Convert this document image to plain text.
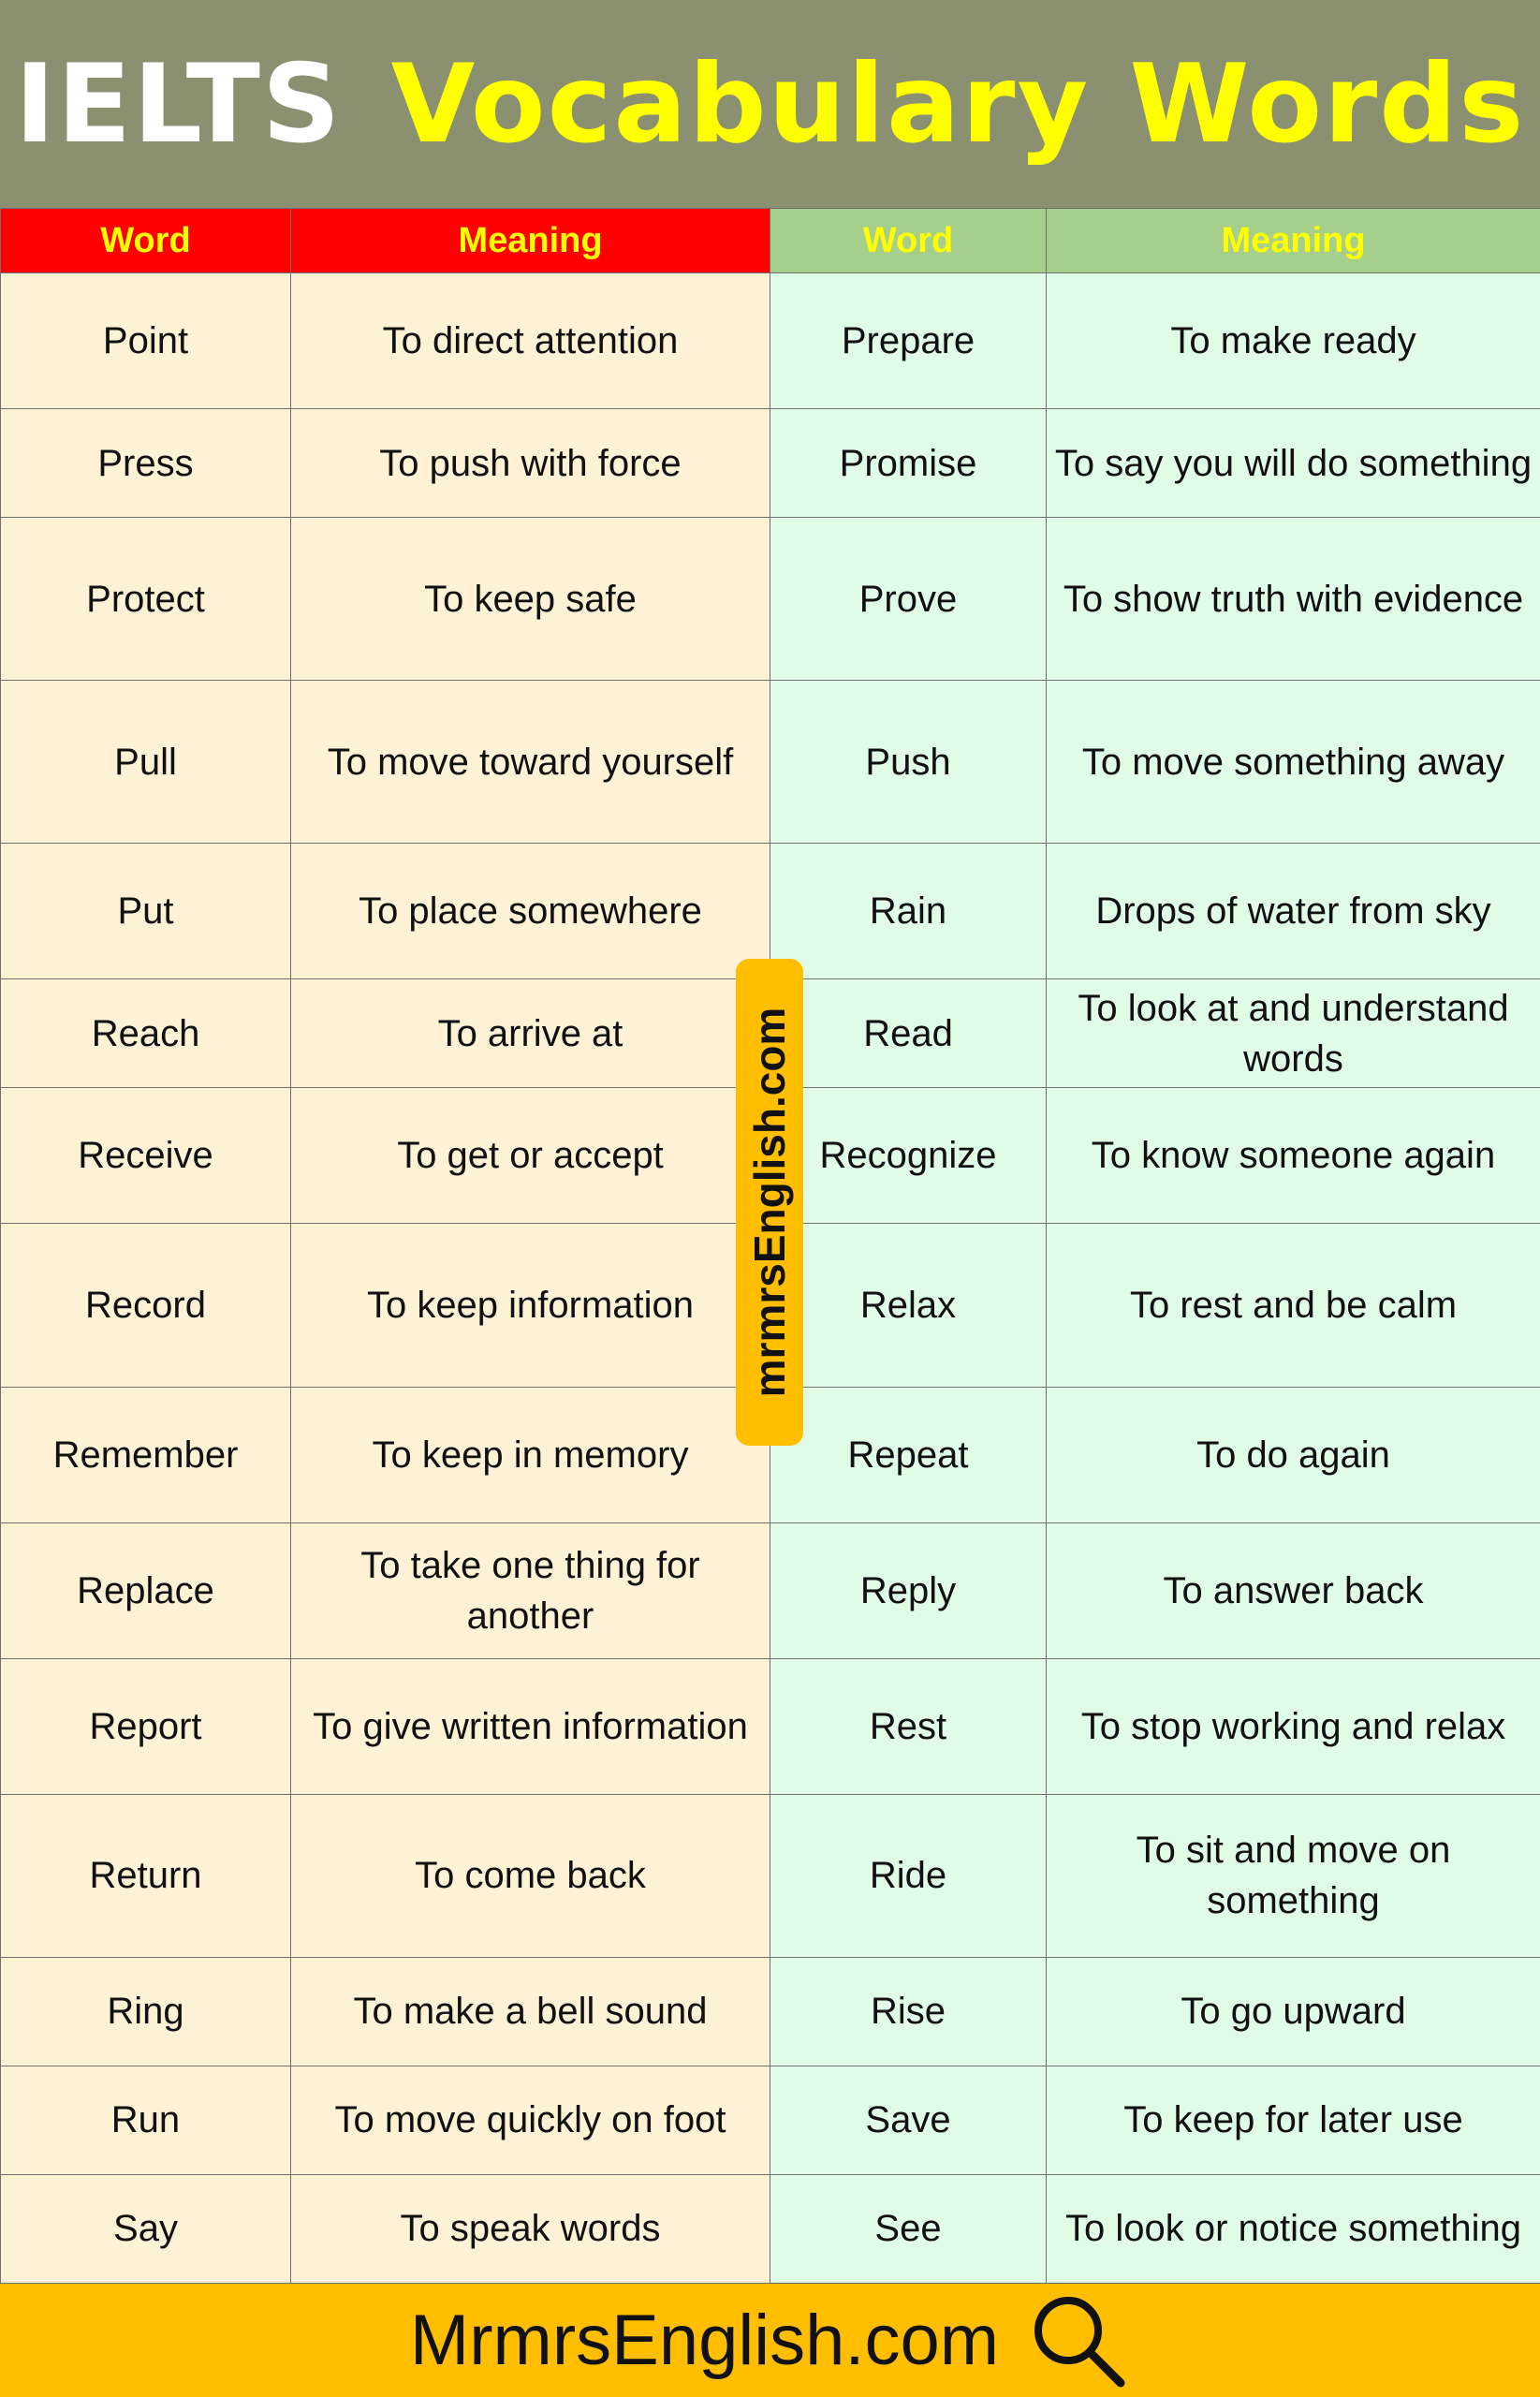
IELTS Vocabulary Words
Word	Meaning	Word	Meaning
Point	To direct attention	Prepare	To make ready
Press	To push with force	Promise	To say you will do something
Protect	To keep safe	Prove	To show truth with evidence
Pull	To move toward yourself	Push	To move something away
Put	To place somewhere	Rain	Drops of water from sky
Reach	To arrive at	Read	To look at and understand words
Receive	To get or accept	Recognize	To know someone again
Record	To keep information	Relax	To rest and be calm
Remember	To keep in memory	Repeat	To do again
Replace	To take one thing for another	Reply	To answer back
Report	To give written information	Rest	To stop working and relax
Return	To come back	Ride	To sit and move on something
Ring	To make a bell sound	Rise	To go upward
Run	To move quickly on foot	Save	To keep for later use
Say	To speak words	See	To look or notice something
mrmrsEnglish.com
MrmrsEnglish.com
